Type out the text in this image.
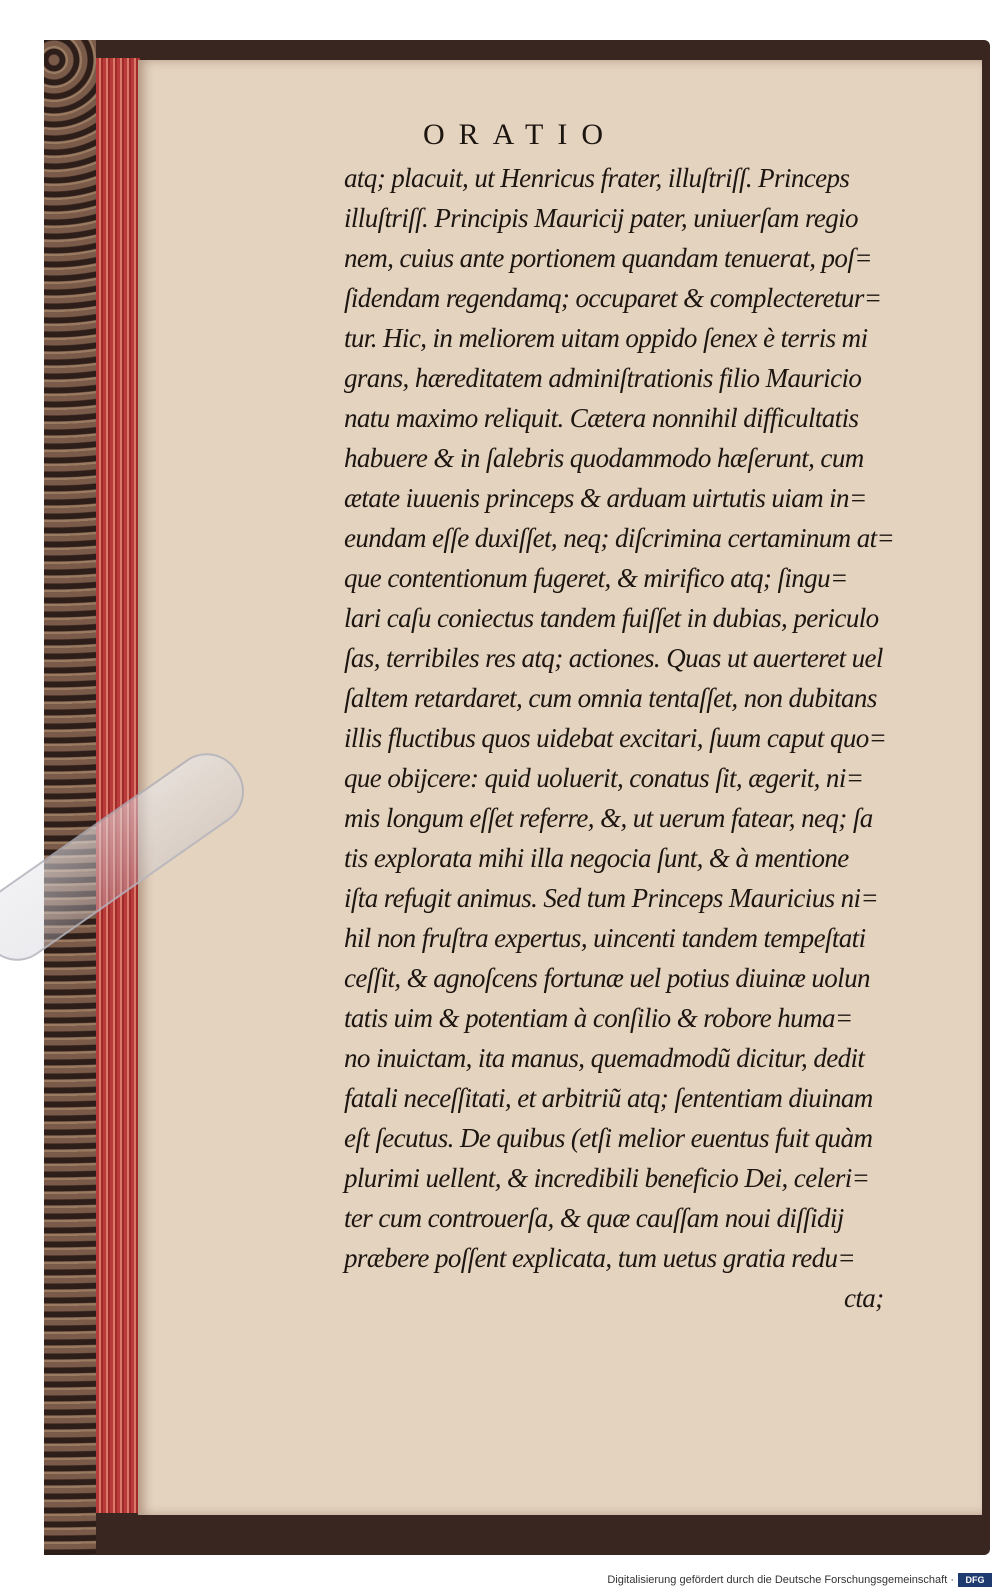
ORATIO
atq; placuit, ut Henricus frater, illuſtriſſ. Princeps
illuſtriſſ. Principis Mauricij pater, uniuerſam regio
nem, cuius ante portionem quandam tenuerat, poſ=
ſidendam regendamq; occuparet & complecteretur=
tur. Hic, in meliorem uitam oppido ſenex è terris mi
grans, hæreditatem adminiſtrationis filio Mauricio
natu maximo reliquit. Cætera nonnihil difficultatis
habuere & in ſalebris quodammodo hæſerunt, cum
ætate iuuenis princeps & arduam uirtutis uiam in=
eundam eſſe duxiſſet, neq; diſcrimina certaminum at=
que contentionum fugeret, & mirifico atq; ſingu=
lari caſu coniectus tandem fuiſſet in dubias, periculo
ſas, terribiles res atq; actiones. Quas ut auerteret uel
ſaltem retardaret, cum omnia tentaſſet, non dubitans
illis fluctibus quos uidebat excitari, ſuum caput quo=
que obijcere: quid uoluerit, conatus ſit, ægerit, ni=
mis longum eſſet referre, &, ut uerum fatear, neq; ſa
tis explorata mihi illa negocia ſunt, & à mentione
iſta refugit animus. Sed tum Princeps Mauricius ni=
hil non fruſtra expertus, uincenti tandem tempeſtati
ceſſit, & agnoſcens fortunæ uel potius diuinæ uolun
tatis uim & potentiam à conſilio & robore huma=
no inuictam, ita manus, quemadmodũ dicitur, dedit
fatali neceſſitati, et arbitriũ atq; ſententiam diuinam
eſt ſecutus. De quibus (etſi melior euentus fuit quàm
plurimi uellent, & incredibili beneficio Dei, celeri=
ter cum controuerſa, & quæ cauſſam noui diſſidij
præbere poſſent explicata, tum uetus gratia redu=
cta;
Digitalisierung gefördert durch die Deutsche Forschungsgemeinschaft ·	DFG
